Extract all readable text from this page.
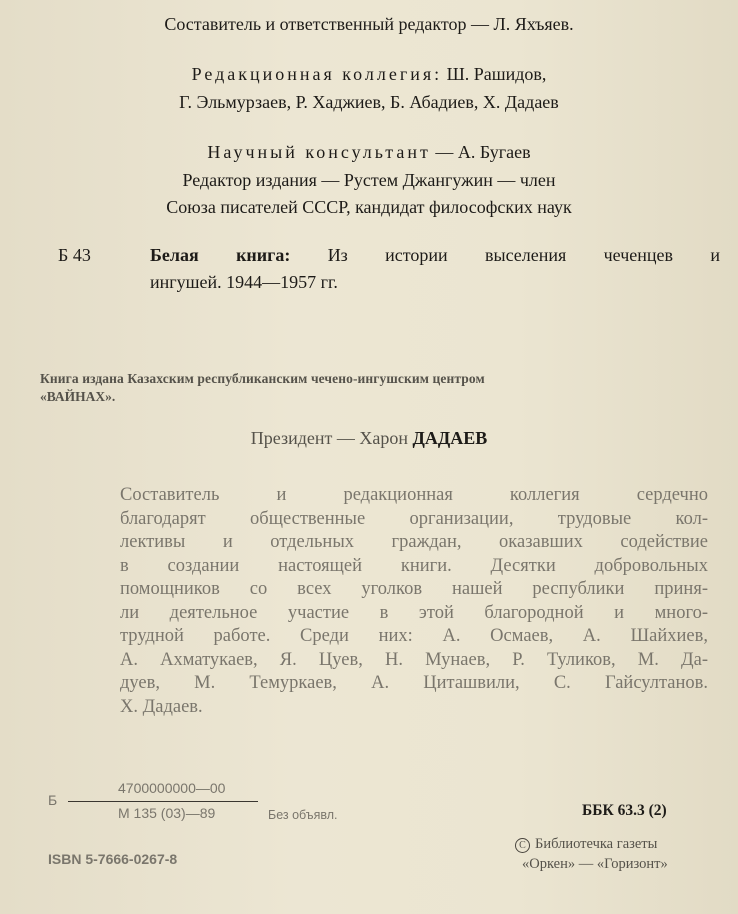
Составитель и ответственный редактор — Л. Яхъяев.
Редакционная коллегия: Ш. Рашидов,
Г. Эльмурзаев, Р. Хаджиев, Б. Абадиев, Х. Дадаев
Научный консультант — А. Бугаев
Редактор издания — Рустем Джангужин — член
Союза писателей СССР, кандидат философских наук
Б 43	Белая книга: Из истории выселения чеченцев и
ингушей. 1944—1957 гг.
Книга издана Казахским республиканским чечено-ингушским центром
«ВАЙНАХ».
Президент — Харон ДАДАЕВ
Составитель и редакционная коллегия сердечно
благодарят общественные организации, трудовые кол-
лективы и отдельных граждан, оказавших содействие
в создании настоящей книги. Десятки добровольных
помощников со всех уголков нашей республики приня-
ли деятельное участие в этой благородной и много-
трудной работе. Среди них: А. Осмаев, А. Шайхиев,
А. Ахматукаев, Я. Цуев, Н. Мунаев, Р. Туликов, М. Да-
дуев, М. Темуркаев, А. Циташвили, С. Гайсултанов.
Х. Дадаев.
Б
4700000000—00
М 135 (03)—89	Без объявл.	ББК 63.3 (2)
С Библиотечка газеты
«Оркен» — «Горизонт»
ISBN 5-7666-0267-8
